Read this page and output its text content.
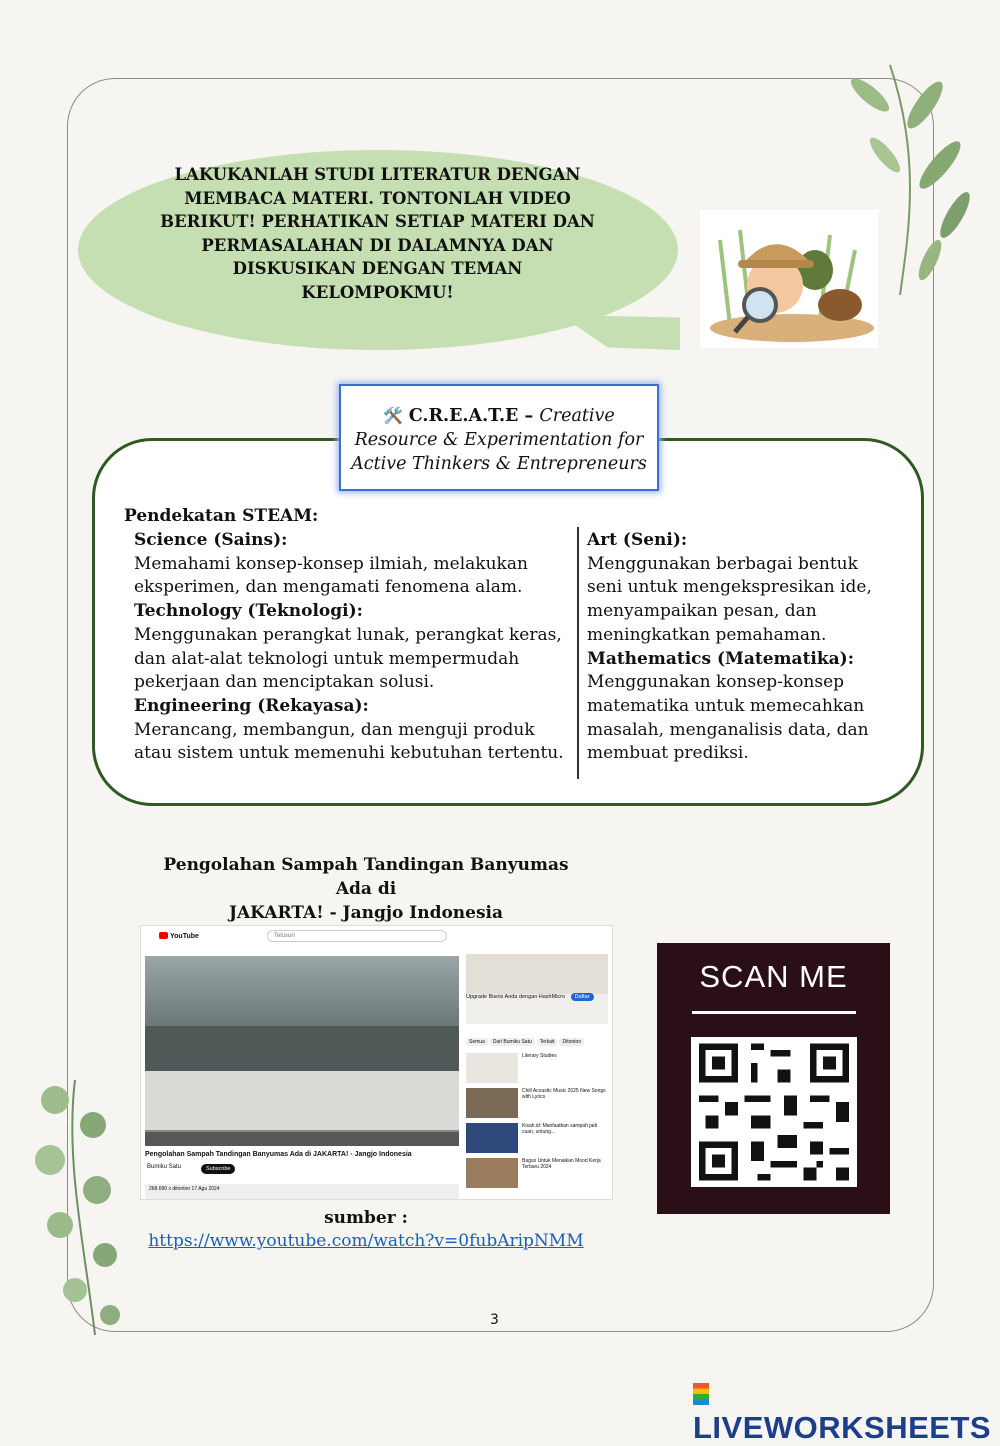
LAKUKANLAH STUDI LITERATUR DENGAN
MEMBACA MATERI. TONTONLAH VIDEO
BERIKUT! PERHATIKAN SETIAP MATERI DAN
PERMASALAHAN DI DALAMNYA DAN
DISKUSIKAN DENGAN TEMAN
KELOMPOKMU!
🛠️ C.R.E.A.T.E – Creative
Resource & Experimentation for
Active Thinkers & Entrepreneurs
Pendekatan STEAM:
Science (Sains):

Memahami konsep-konsep ilmiah, melakukan eksperimen, dan mengamati fenomena alam.

Technology (Teknologi):

Menggunakan perangkat lunak, perangkat keras, dan alat-alat teknologi untuk mempermudah pekerjaan dan menciptakan solusi.

Engineering (Rekayasa):

Merancang, membangun, dan menguji produk atau sistem untuk memenuhi kebutuhan tertentu.

Art (Seni):

Menggunakan berbagai bentuk seni untuk mengekspresikan ide, menyampaikan pesan, dan meningkatkan pemahaman.

Mathematics (Matematika):

Menggunakan konsep-konsep matematika untuk memecahkan masalah, menganalisis data, dan membuat prediksi.

Pengolahan Sampah Tandingan Banyumas Ada di
JAKARTA! - Jangjo Indonesia
YouTube	Telusuri
Pengolahan Sampah Tandingan Banyumas Ada di JAKARTA! - Jangjo Indonesia
Bumiku Satu	Subscribe
268.690 x ditonton 17 Agu 2024
Upgrade Bisnis Anda dengan HashMicro Daftar
Semua Dari Bumiku Satu Terkait Ditonton
Literary Studies
Chill Acoustic Music 2025 New Songs with Lyrics
Kisah.id: Manfaatkan sampah jadi cuan, untung...
Bagus Untuk Menaikan Mood Kerja Terbaru 2024
SCAN ME
sumber :
https://www.youtube.com/watch?v=0fubAripNMM
3
LIVEWORKSHEETS
